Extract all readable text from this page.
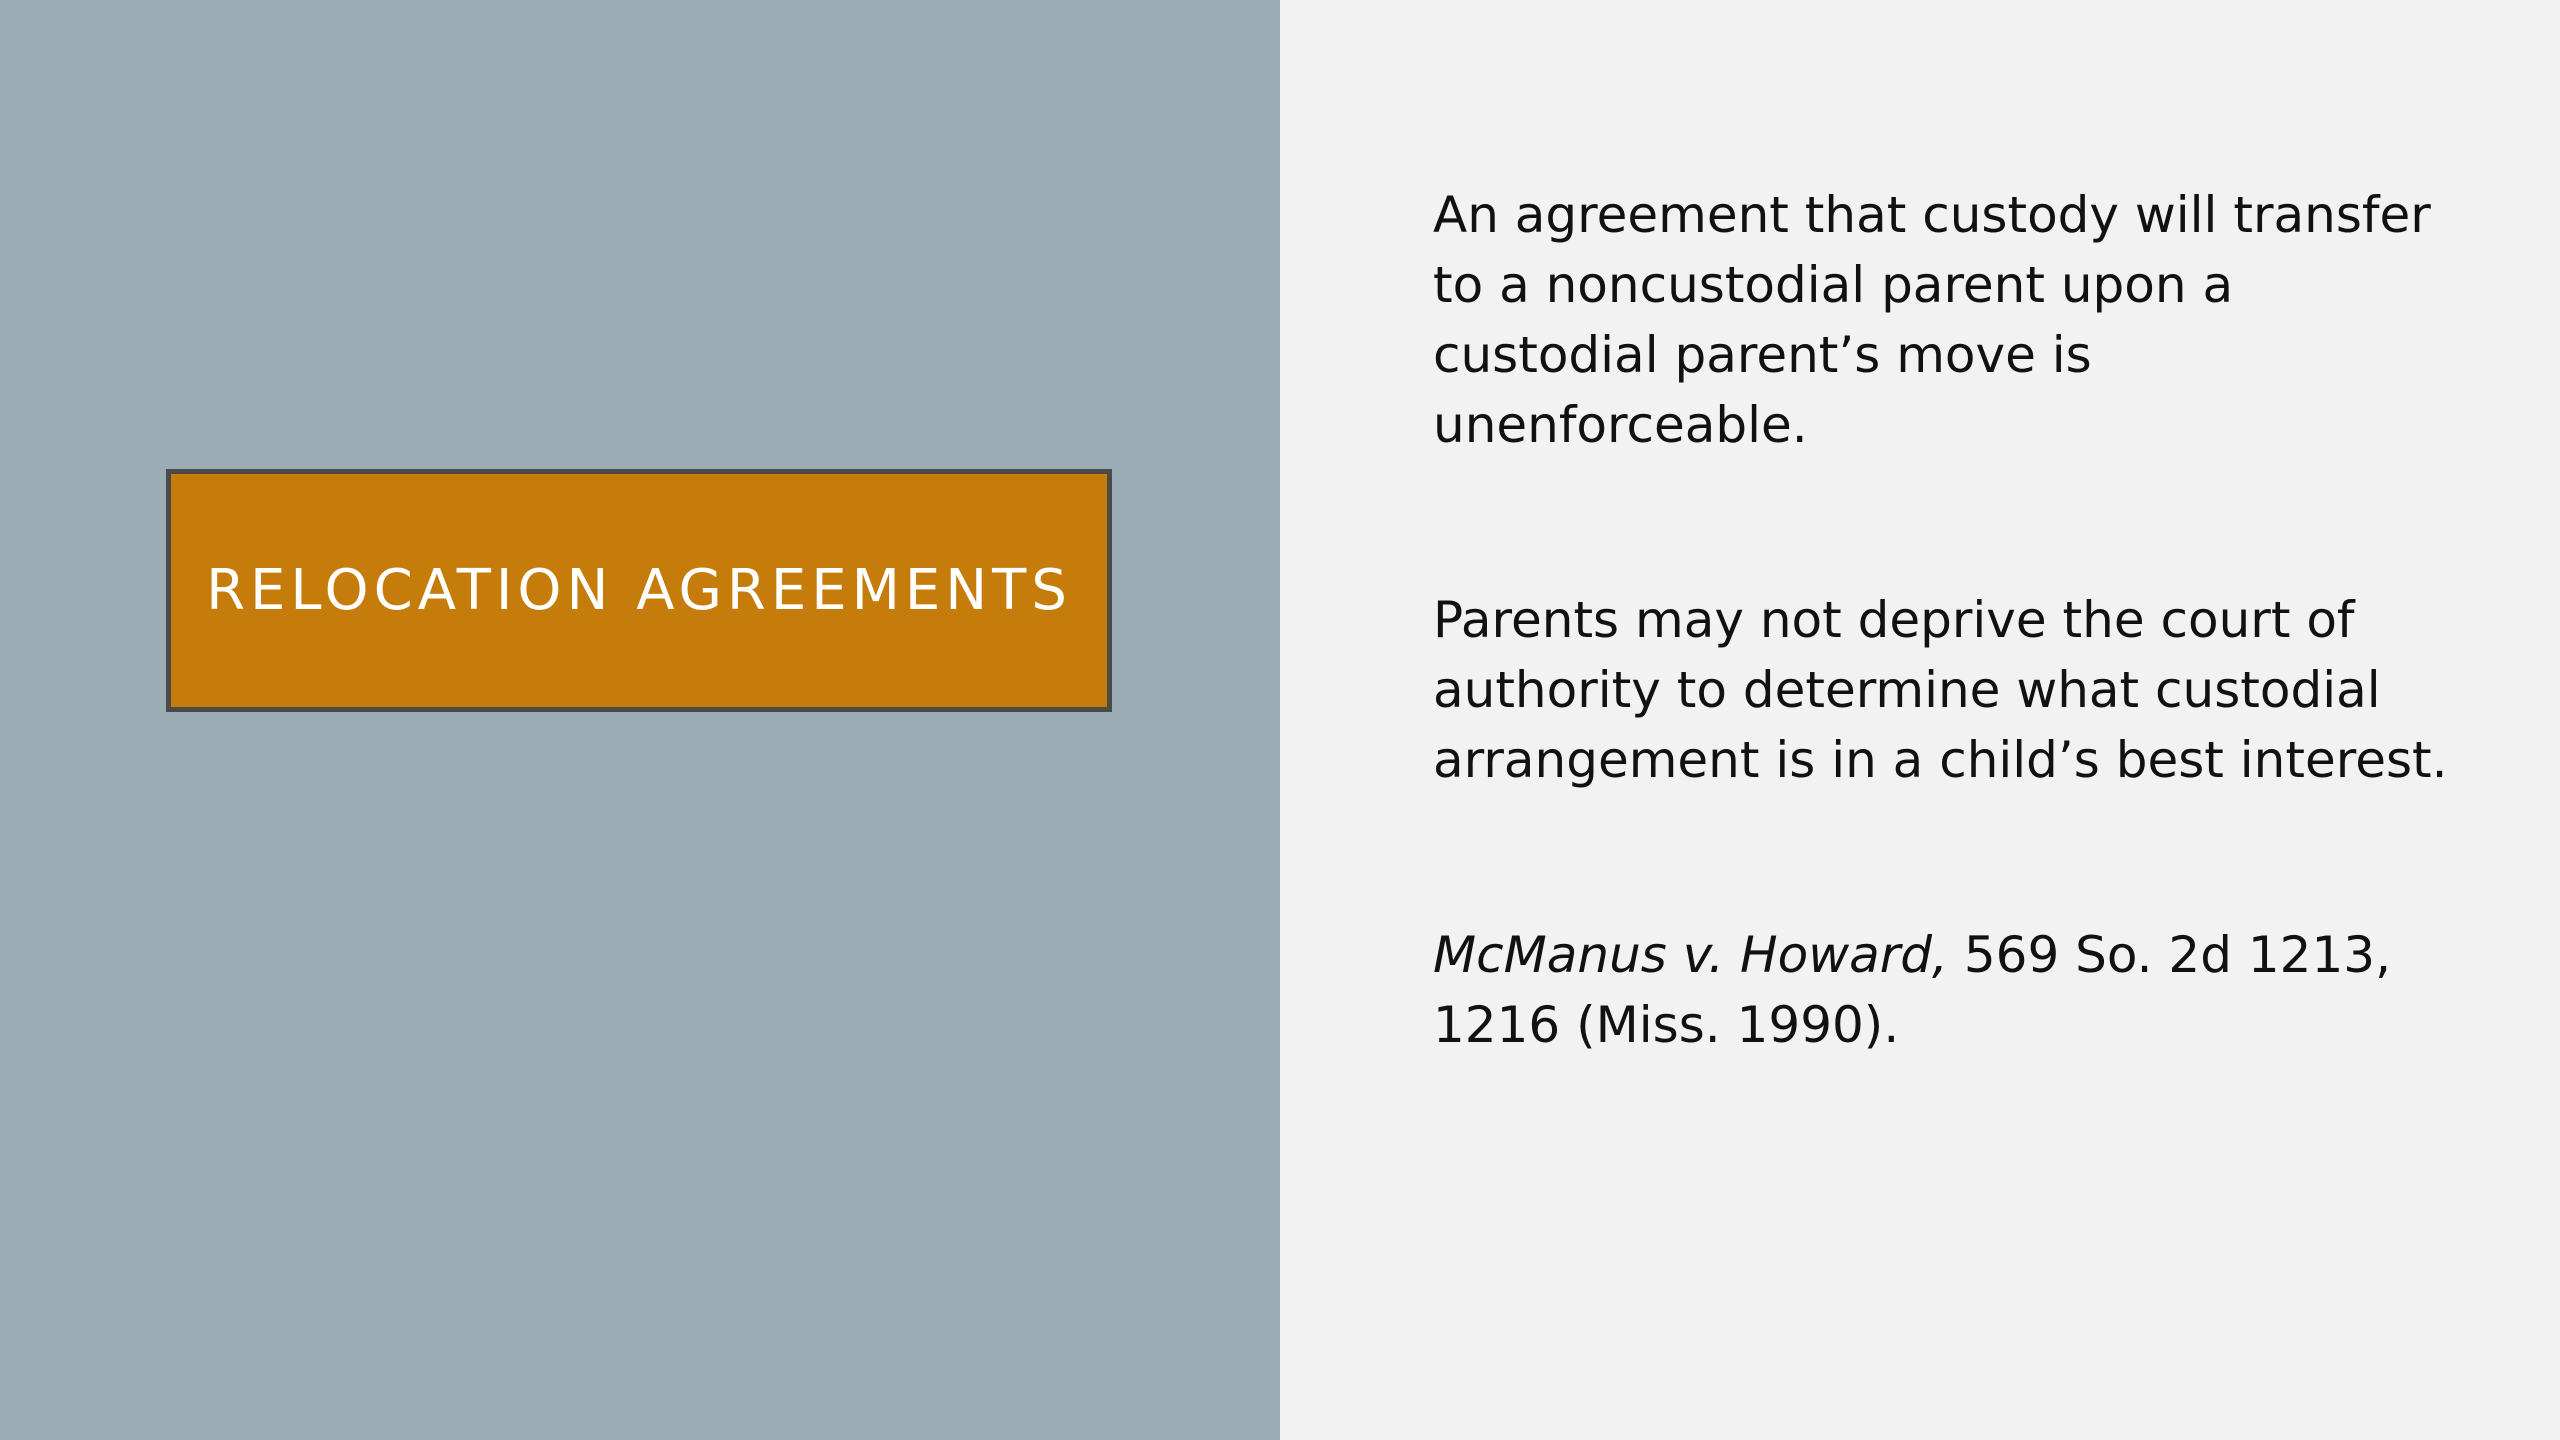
RELOCATION AGREEMENTS

An agreement that custody will transfer to a noncustodial parent upon a custodial parent’s move is unenforceable.

Parents may not deprive the court of authority to determine what custodial arrangement is in a child’s best interest.

McManus v. Howard, 569 So. 2d 1213, 1216 (Miss. 1990).
